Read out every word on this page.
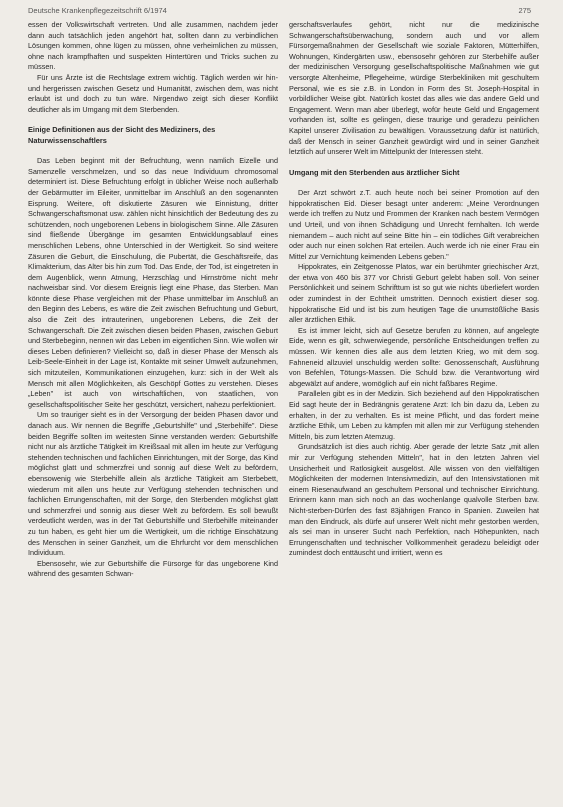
Deutsche Krankenpflegezeitschrift 6/1974	275

essen der Volkswirtschaft vertreten. Und alle zusammen, nachdem jeder dann auch tatsächlich jeden angehört hat, sollten dann zu verbindlichen Lösungen kommen, ohne lügen zu müssen, ohne verheimlichen zu müssen, ohne nach krampfhaften und suspekten Hintertüren und Tricks suchen zu müssen.

Für uns Ärzte ist die Rechtslage extrem wichtig. Täglich werden wir hin- und hergerissen zwischen Gesetz und Humanität, zwischen dem, was nicht erlaubt ist und doch zu tun wäre. Nirgendwo zeigt sich dieser Konflikt deutlicher als im Umgang mit dem Sterbenden.

Einige Definitionen aus der Sicht des Mediziners, des Naturwissenschaftlers

Das Leben beginnt mit der Befruchtung, wenn namlich Eizelle und Samenzelle verschmelzen, und so das neue Individuum chromosomal determiniert ist. Diese Befruchtung erfolgt in üblicher Weise noch außerhalb der Gebärmutter im Eileiter, unmittelbar im Anschluß an den sogenannten Eisprung. Weitere, oft diskutierte Zäsuren wie Einnistung, dritter Schwangerschaftsmonat usw. zählen nicht hinsichtlich der Bedeutung des zu schützenden, noch ungeborenen Lebens in biologischem Sinne. Alle Zäsuren sind fließende Übergänge im gesamten Entwicklungsablauf eines menschlichen Lebens, ohne Unterschied in der Wertigkeit. So sind weitere Zäsuren die Geburt, die Einschulung, die Pubertät, die Geschäftsreife, das Klimakterium, das Alter bis hin zum Tod. Das Ende, der Tod, ist eingetreten in dem Augenblick, wenn Atmung, Herzschlag und Hirnströme nicht mehr nachweisbar sind. Vor diesem Ereignis liegt eine Phase, das Sterben. Man könnte diese Phase vergleichen mit der Phase unmittelbar im Anschluß an den Beginn des Lebens, es wäre die Zeit zwischen Befruchtung und Geburt, also die Zeit des intrauterinen, ungeborenen Lebens, die Zeit der Schwangerschaft. Die Zeit zwischen diesen beiden Phasen, zwischen Geburt und Sterbebeginn, nennen wir das Leben im eigentlichen Sinn. Wie wollen wir dieses Leben definieren? Vielleicht so, daß in dieser Phase der Mensch als Leib-Seele-Einheit in der Lage ist, Kontakte mit seiner Umwelt aufzunehmen, sich mitzuteilen, Kommunikationen einzugehen, kurz: sich in der Welt als Mensch mit allen Möglichkeiten, als Geschöpf Gottes zu verstehen. Dieses „Leben" ist auch von wirtschaftlichen, von staatlichen, von gesellschaftspolitischer Seite her geschützt, versichert, nahezu perfektioniert.

Um so trauriger sieht es in der Versorgung der beiden Phasen davor und danach aus. Wir nennen die Begriffe „Geburtshilfe" und „Sterbehilfe". Diese beiden Begriffe sollten im weitesten Sinne verstanden werden: Geburtshilfe nicht nur als ärztliche Tätigkeit im Kreißsaal mit allen im heute zur Verfügung stehenden technischen und fachlichen Einrichtungen, mit der Sorge, das Kind möglichst glatt und schmerzfrei und sonnig auf diese Welt zu befördern, ebensowenig wie Sterbehilfe allein als ärztliche Tätigkeit am Sterbebett, wiederum mit allen uns heute zur Verfügung stehenden technischen und fachlichen Errungenschaften, mit der Sorge, den Sterbenden möglichst glatt und schmerzfrei und sonnig aus dieser Welt zu befördern. Es soll bewußt verdeutlicht werden, was in der Tat Geburtshilfe und Sterbehilfe miteinander zu tun haben, es geht hier um die Wertigkeit, um die richtige Einschätzung des Menschen in seiner Ganzheit, um die Ehrfurcht vor dem menschlichen Individuum.

Ebensosehr, wie zur Geburtshilfe die Fürsorge für das ungeborene Kind während des gesamten Schwan-

gerschaftsverlaufes gehört, nicht nur die medizinische Schwangerschaftsüberwachung, sondern auch und vor allem Fürsorgemaßnahmen der Gesellschaft wie soziale Faktoren, Mütterhilfen, Wohnungen, Kindergärten usw., ebensosehr gehören zur Sterbehilfe außer der medizinischen Versorgung gesellschaftspolitische Maßnahmen wie gut versorgte Altenheime, Pflegeheime, würdige Sterbekliniken mit geschultem Personal, wie es sie z.B. in London in Form des St. Joseph-Hospital in vorbildlicher Weise gibt. Natürlich kostet das alles wie das andere Geld und Engagement. Wenn man aber überlegt, wofür heute Geld und Engagement vorhanden ist, sollte es gelingen, diese traurige und geradezu peinlichen Kapitel unserer Zivilisation zu bewältigen. Voraussetzung dafür ist natürlich, daß der Mensch in seiner Ganzheit gewürdigt wird und in seiner Ganzheit letztlich auf unserer Welt im Mittelpunkt der Interessen steht.

Umgang mit den Sterbenden aus ärztlicher Sicht

Der Arzt schwört z.T. auch heute noch bei seiner Promotion auf den hippokratischen Eid. Dieser besagt unter anderem: „Meine Verordnungen werde ich treffen zu Nutz und Frommen der Kranken nach bestem Vermögen und Urteil, und von ihnen Schädigung und Unrecht fernhalten. Ich werde niemandem – auch nicht auf seine Bitte hin – ein tödliches Gift verabreichen oder auch nur einen solchen Rat erteilen. Auch werde ich nie einer Frau ein Mittel zur Vernichtung keimenden Lebens geben."

Hippokrates, ein Zeitgenosse Platos, war ein berühmter griechischer Arzt, der etwa von 460 bis 377 vor Christi Geburt gelebt haben soll. Von seiner Persönlichkeit und seinem Schrifttum ist so gut wie nichts überliefert worden oder zumindest in der Echtheit umstritten. Dennoch existiert dieser sog. hippokratische Eid und ist bis zum heutigen Tage die unumstößliche Basis aller ärztlichen Ethik.

Es ist immer leicht, sich auf Gesetze berufen zu können, auf angelegte Eide, wenn es gilt, schwerwiegende, persönliche Entscheidungen treffen zu müssen. Wir kennen dies alle aus dem letzten Krieg, wo mit dem sog. Fahneneid allzuviel unschuldig werden sollte: Genossenschaft, Ausführung von Befehlen, Tötungs-Massen. Die Schuld bzw. die Verantwortung wird abgewälzt auf andere, womöglich auf ein nicht faßbares Regime.

Parallelen gibt es in der Medizin. Sich beziehend auf den Hippokratischen Eid sagt heute der in Bedrängnis geratene Arzt: Ich bin dazu da, Leben zu erhalten, in der zu verhalten. Es ist meine Pflicht, und das fordert meine ärztliche Ethik, um Leben zu kämpfen mit allen mir zur Verfügung stehenden Mitteln, bis zum letzten Atemzug.

Grundsätzlich ist dies auch richtig. Aber gerade der letzte Satz „mit allen mir zur Verfügung stehenden Mitteln", hat in den letzten Jahren viel Unsicherheit und Ratlosigkeit ausgelöst. Alle wissen von den vielfältigen Möglichkeiten der modernen Intensivmedizin, auf den Intensivstationen mit einem Riesenaufwand an geschultem Personal und technischer Einrichtung. Erinnern kann man sich noch an das wochenlange qualvolle Sterben bzw. Nicht-sterben-Dürfen des fast 83jährigen Franco in Spanien. Zuweilen hat man den Eindruck, als dürfe auf unserer Welt nicht mehr gestorben werden, als sei man in unserer Sucht nach Perfektion, nach Höhepunkten, nach Errungenschaften und technischer Vollkommenheit geradezu beleidigt oder zumindest doch enttäuscht und irritiert, wenn es
